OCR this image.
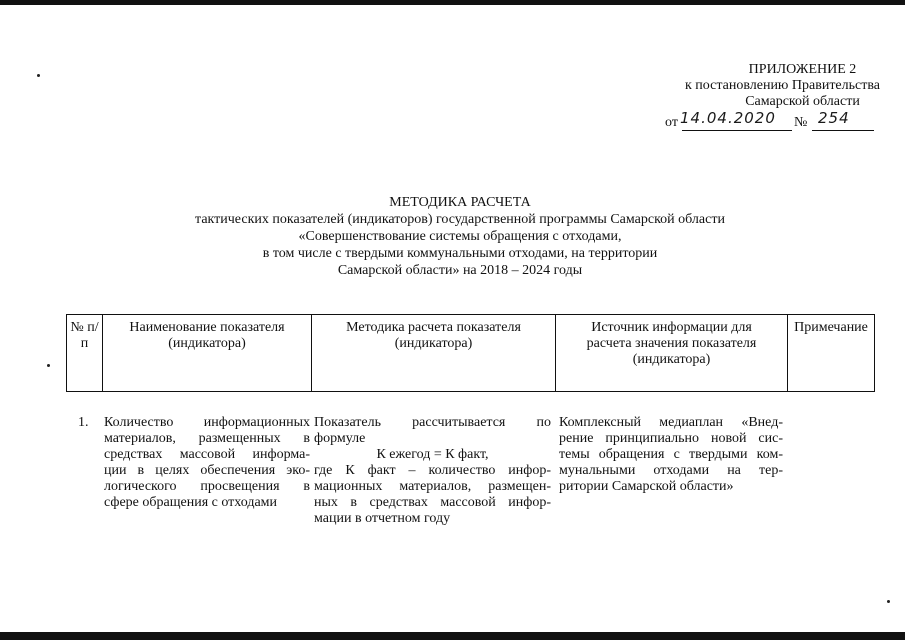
ПРИЛОЖЕНИЕ 2
к постановлению Правительства
Самарской области
от 14.04.2020 № 254
МЕТОДИКА РАСЧЕТА
тактических показателей (индикаторов) государственной программы Самарской области
«Совершенствование системы обращения с отходами,
в том числе с твердыми коммунальными отходами, на территории
Самарской области» на 2018 – 2024 годы
№ п/п
Наименование показателя (индикатора)
Методика расчета показателя (индикатора)
Источник информации для расчета значения показателя (индикатора)
Примечание
1.	Количество информационных
материалов, размещенных в
средствах массовой информа-
ции в целях обеспечения эко-
логического просвещения в
сфере обращения с отходами
Показатель рассчитывается по
формуле
К ежегод = К факт,
где К факт – количество инфор-
мационных материалов, размещен-
ных в средствах массовой инфор-
мации в отчетном году
Комплексный медиаплан «Внед-
рение принципиально новой сис-
темы обращения с твердыми ком-
мунальными отходами на тер-
ритории Самарской области»
